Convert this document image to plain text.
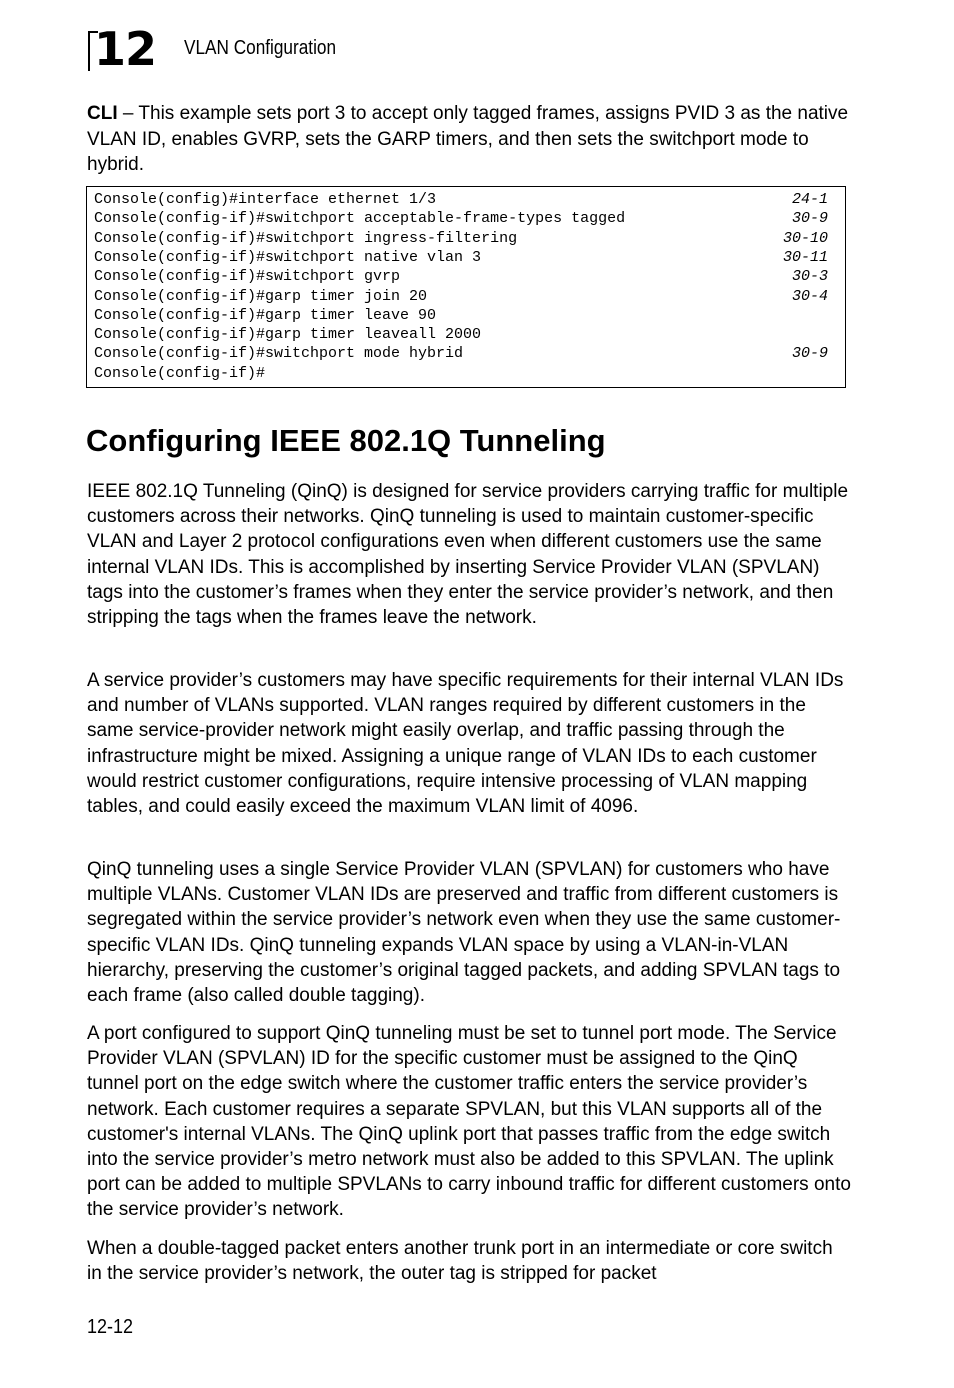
12 VLAN Configuration

CLI – This example sets port 3 to accept only tagged frames, assigns PVID 3 as the native VLAN ID, enables GVRP, sets the GARP timers, and then sets the switchport mode to hybrid.

Console(config)#interface ethernet 1/3	24-1
Console(config-if)#switchport acceptable-frame-types tagged	30-9
Console(config-if)#switchport ingress-filtering	30-10
Console(config-if)#switchport native vlan 3	30-11
Console(config-if)#switchport gvrp	30-3
Console(config-if)#garp timer join 20	30-4
Console(config-if)#garp timer leave 90
Console(config-if)#garp timer leaveall 2000
Console(config-if)#switchport mode hybrid	30-9
Console(config-if)#
Configuring IEEE 802.1Q Tunneling

IEEE 802.1Q Tunneling (QinQ) is designed for service providers carrying traffic for multiple customers across their networks. QinQ tunneling is used to maintain customer-specific VLAN and Layer 2 protocol configurations even when different customers use the same internal VLAN IDs. This is accomplished by inserting Service Provider VLAN (SPVLAN) tags into the customer’s frames when they enter the service provider’s network, and then stripping the tags when the frames leave the network.

A service provider’s customers may have specific requirements for their internal VLAN IDs and number of VLANs supported. VLAN ranges required by different customers in the same service-provider network might easily overlap, and traffic passing through the infrastructure might be mixed. Assigning a unique range of VLAN IDs to each customer would restrict customer configurations, require intensive processing of VLAN mapping tables, and could easily exceed the maximum VLAN limit of 4096.

QinQ tunneling uses a single Service Provider VLAN (SPVLAN) for customers who have multiple VLANs. Customer VLAN IDs are preserved and traffic from different customers is segregated within the service provider’s network even when they use the same customer-specific VLAN IDs. QinQ tunneling expands VLAN space by using a VLAN-in-VLAN hierarchy, preserving the customer’s original tagged packets, and adding SPVLAN tags to each frame (also called double tagging).

A port configured to support QinQ tunneling must be set to tunnel port mode. The Service Provider VLAN (SPVLAN) ID for the specific customer must be assigned to the QinQ tunnel port on the edge switch where the customer traffic enters the service provider’s network. Each customer requires a separate SPVLAN, but this VLAN supports all of the customer's internal VLANs. The QinQ uplink port that passes traffic from the edge switch into the service provider’s metro network must also be added to this SPVLAN. The uplink port can be added to multiple SPVLANs to carry inbound traffic for different customers onto the service provider’s network.

When a double-tagged packet enters another trunk port in an intermediate or core switch in the service provider’s network, the outer tag is stripped for packet

12-12
